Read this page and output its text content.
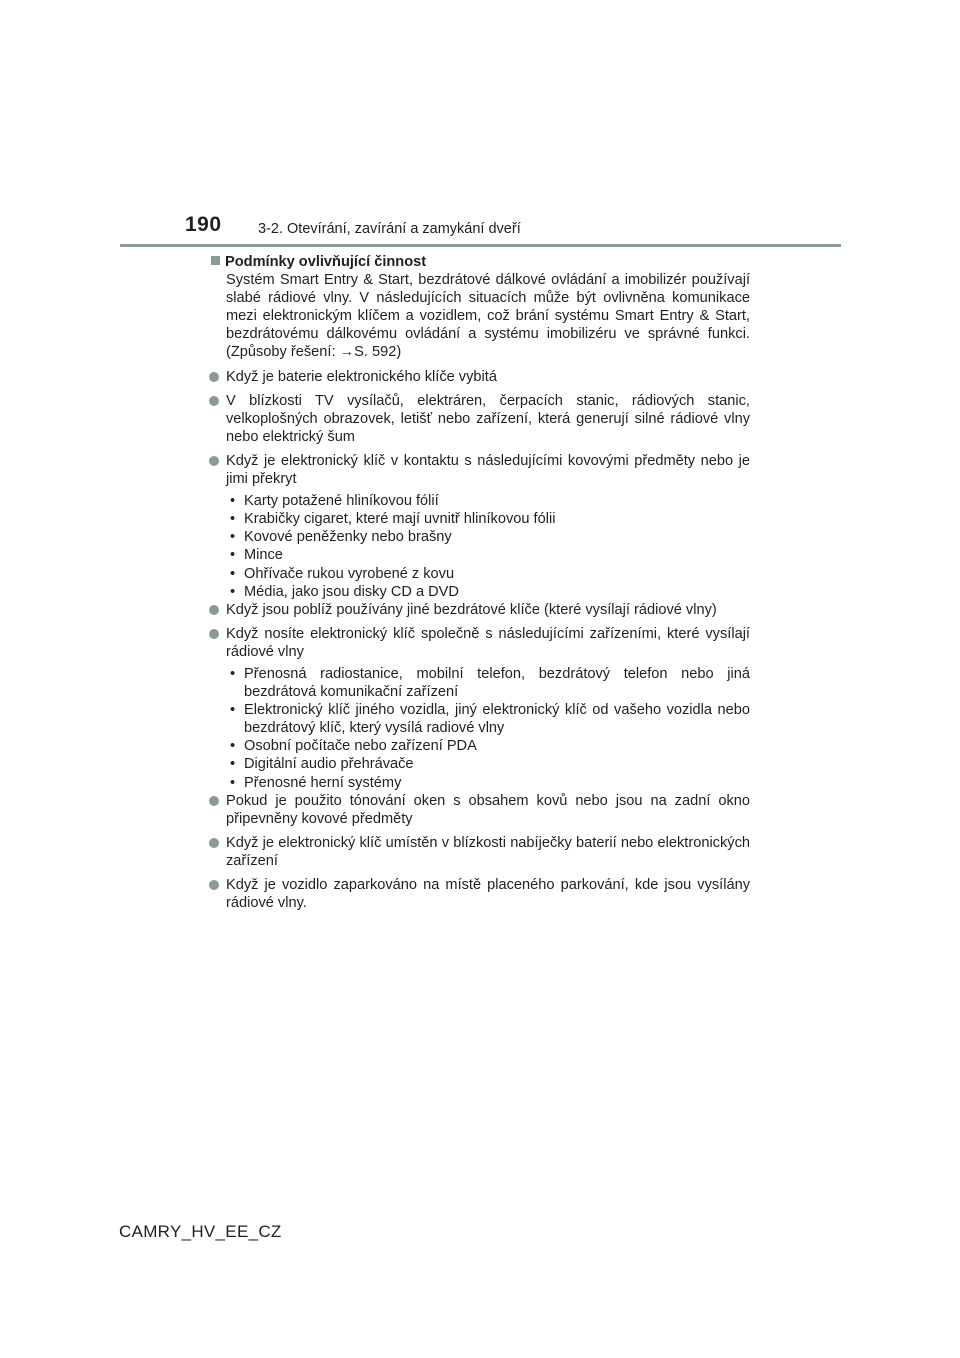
190	3-2. Otevírání, zavírání a zamykání dveří
Podmínky ovlivňující činnost
Systém Smart Entry & Start, bezdrátové dálkové ovládání a imobilizér používají slabé rádiové vlny. V následujících situacích může být ovlivněna komunikace mezi elektronickým klíčem a vozidlem, což brání systému Smart Entry & Start, bezdrátovému dálkovému ovládání a systému imobilizéru ve správné funkci. (Způsoby řešení: →S. 592)
Když je baterie elektronického klíče vybitá
V blízkosti TV vysílačů, elektráren, čerpacích stanic, rádiových stanic, velkoplošných obrazovek, letišť nebo zařízení, která generují silné rádiové vlny nebo elektrický šum
Když je elektronický klíč v kontaktu s následujícími kovovými předměty nebo je jimi překryt
• Karty potažené hliníkovou fólií
• Krabičky cigaret, které mají uvnitř hliníkovou fólii
• Kovové peněženky nebo brašny
• Mince
• Ohřívače rukou vyrobené z kovu
• Média, jako jsou disky CD a DVD
Když jsou poblíž používány jiné bezdrátové klíče (které vysílají rádiové vlny)
Když nosíte elektronický klíč společně s následujícími zařízeními, které vysílají rádiové vlny
• Přenosná radiostanice, mobilní telefon, bezdrátový telefon nebo jiná bezdrátová komunikační zařízení
• Elektronický klíč jiného vozidla, jiný elektronický klíč od vašeho vozidla nebo bezdrátový klíč, který vysílá radiové vlny
• Osobní počítače nebo zařízení PDA
• Digitální audio přehrávače
• Přenosné herní systémy
Pokud je použito tónování oken s obsahem kovů nebo jsou na zadní okno připevněny kovové předměty
Když je elektronický klíč umístěn v blízkosti nabíječky baterií nebo elektronických zařízení
Když je vozidlo zaparkováno na místě placeného parkování, kde jsou vysílány rádiové vlny.
CAMRY_HV_EE_CZ
